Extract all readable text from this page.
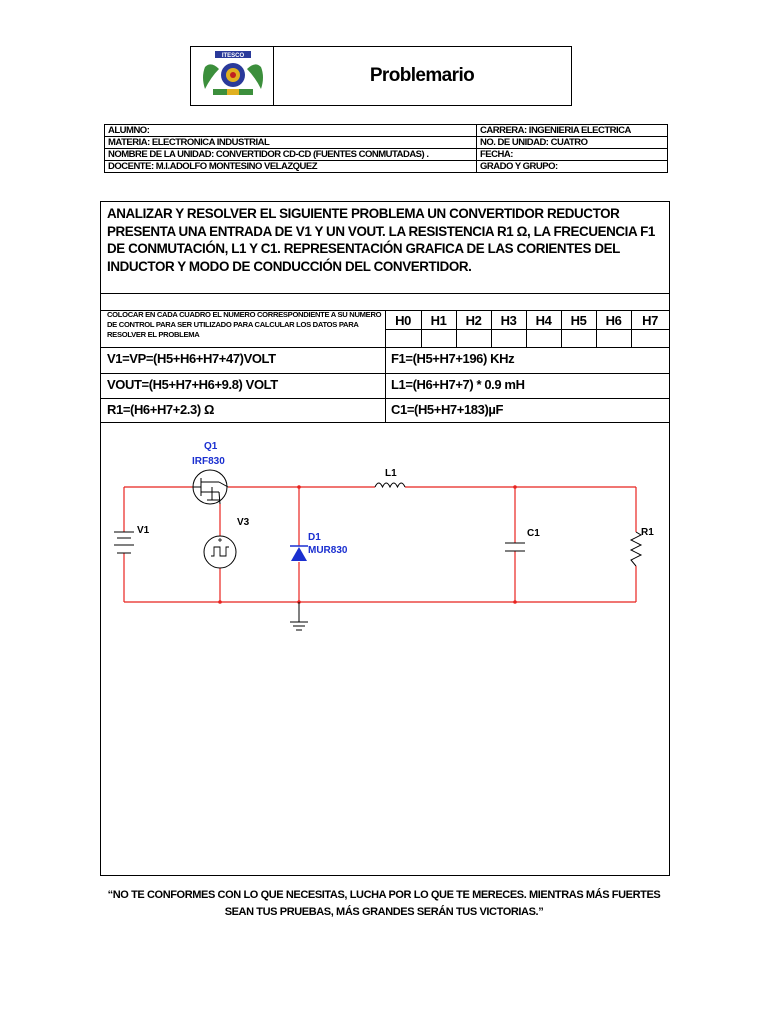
ITESCO
Problemario
ALUMNO:	CARRERA: INGENIERIA ELECTRICA
MATERIA: ELECTRONICA INDUSTRIAL	NO. DE UNIDAD: CUATRO
NOMBRE DE LA UNIDAD: CONVERTIDOR CD-CD (FUENTES CONMUTADAS) .	FECHA:
DOCENTE: M.I.ADOLFO MONTESINO VELAZQUEZ	GRADO Y GRUPO:
ANALIZAR Y RESOLVER EL SIGUIENTE PROBLEMA UN CONVERTIDOR REDUCTOR PRESENTA UNA ENTRADA DE V1 Y UN VOUT. LA RESISTENCIA R1 Ω, LA FRECUENCIA F1 DE CONMUTACIÓN, L1 Y C1. REPRESENTACIÓN GRAFICA DE LAS CORIENTES DEL INDUCTOR Y MODO DE CONDUCCIÓN DEL CONVERTIDOR.
COLOCAR EN CADA CUADRO EL NUMERO CORRESPONDIENTE A SU NUMERO DE CONTROL PARA SER UTILIZADO PARA CALCULAR LOS DATOS PARA RESOLVER EL PROBLEMA
H0	H1	H2	H3	H4	H5	H6	H7
V1=VP=(H5+H6+H7+47)VOLT	F1=(H5+H7+196) KHz
VOUT=(H5+H7+H6+9.8) VOLT	L1=(H6+H7+7) * 0.9 mH
R1=(H6+H7+2.3) Ω	C1=(H5+H7+183)µF
Q1
IRF830
L1
V1
V3
D1
MUR830
C1	R1
“NO TE CONFORMES CON LO QUE NECESITAS, LUCHA POR LO QUE TE MERECES. MIENTRAS MÁS FUERTES SEAN TUS PRUEBAS, MÁS GRANDES SERÁN TUS VICTORIAS.”
